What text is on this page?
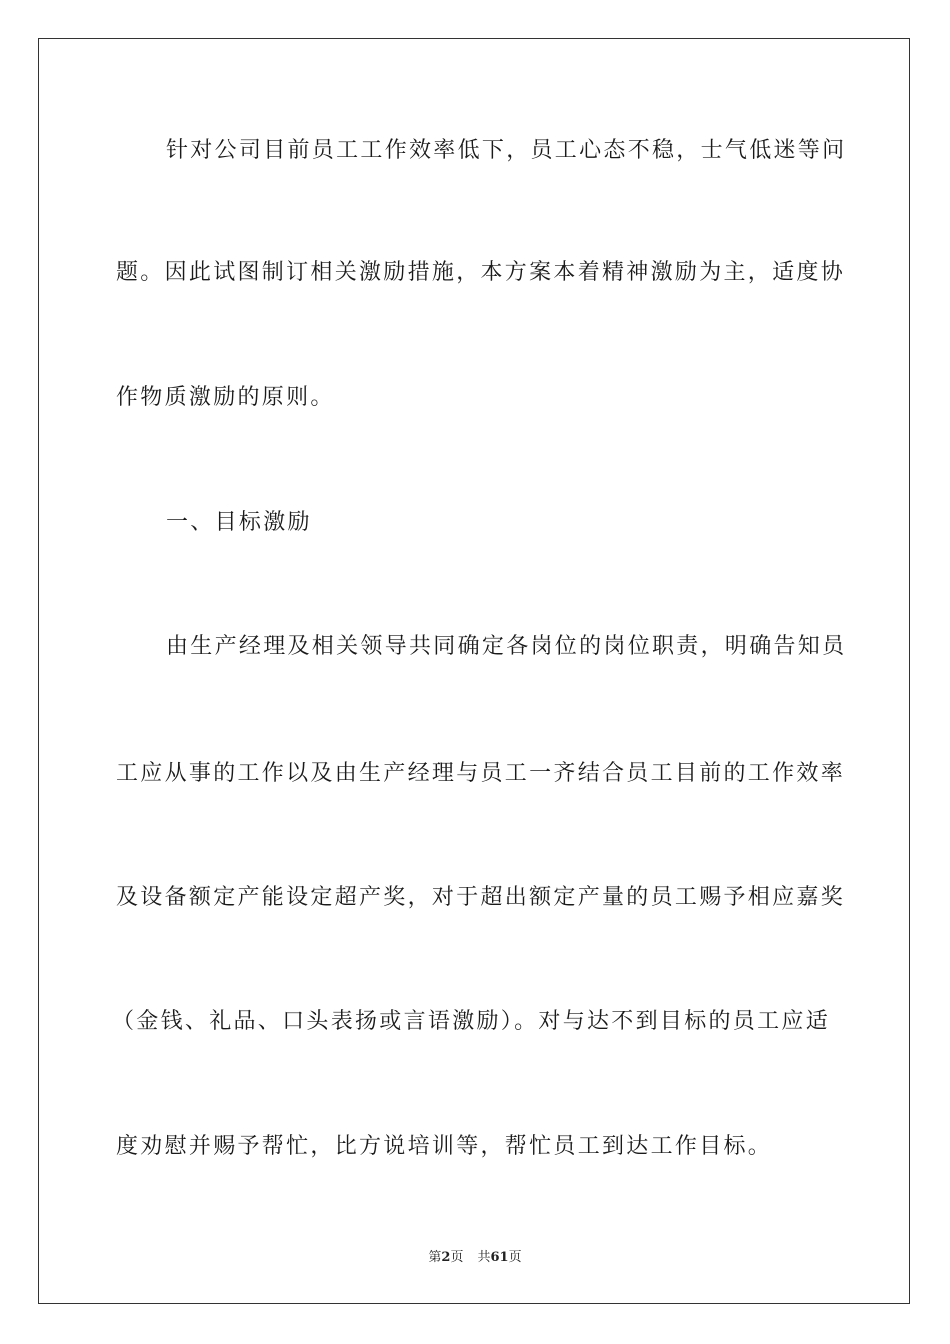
针对公司目前员工工作效率低下，员工心态不稳，士气低迷等问
题。因此试图制订相关激励措施，本方案本着精神激励为主，适度协
作物质激励的原则。
一、目标激励
由生产经理及相关领导共同确定各岗位的岗位职责，明确告知员
工应从事的工作以及由生产经理与员工一齐结合员工目前的工作效率
及设备额定产能设定超产奖，对于超出额定产量的员工赐予相应嘉奖
（金钱、礼品、口头表扬或言语激励）。对与达不到目标的员工应适
度劝慰并赐予帮忙，比方说培训等，帮忙员工到达工作目标。
第2页 共61页
